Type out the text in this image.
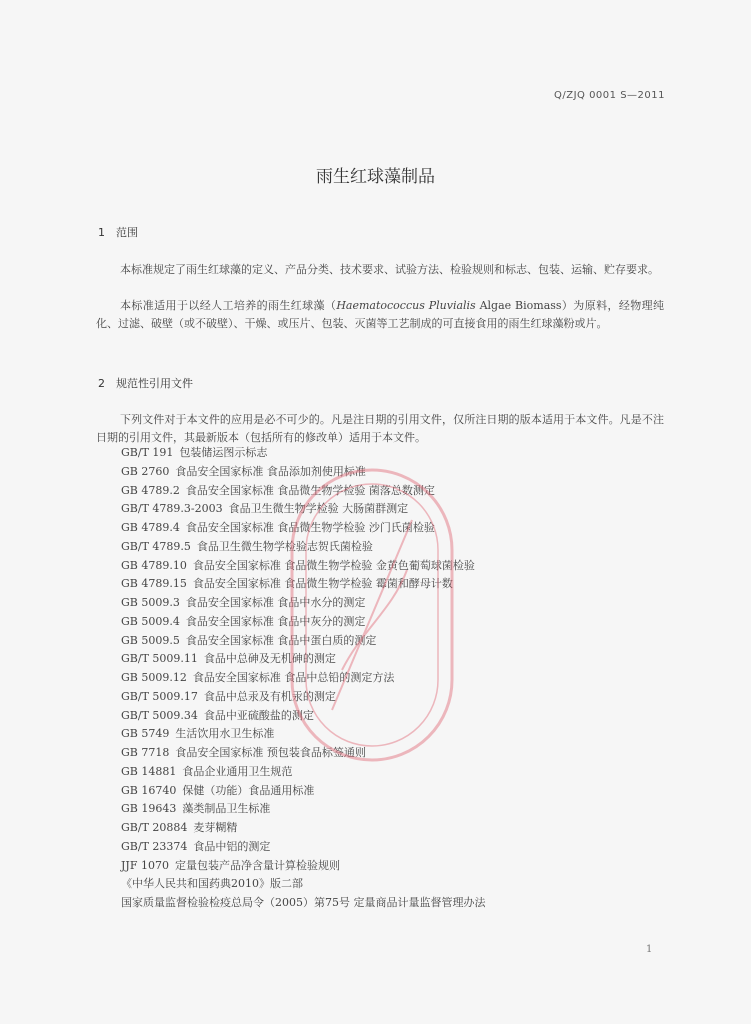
Q/ZJQ 0001 S—2011
雨生红球藻制品
1 范围

本标准规定了雨生红球藻的定义、产品分类、技术要求、试验方法、检验规则和标志、包装、运输、贮存要求。

本标准适用于以经人工培养的雨生红球藻（Haematococcus Pluvialis Algae Biomass）为原料，经物理纯化、过滤、破壁（或不破壁）、干燥、或压片、包装、灭菌等工艺制成的可直接食用的雨生红球藻粉或片。

2 规范性引用文件

下列文件对于本文件的应用是必不可少的。凡是注日期的引用文件，仅所注日期的版本适用于本文件。凡是不注日期的引用文件，其最新版本（包括所有的修改单）适用于本文件。

GB/T 191 包装储运图示标志
GB 2760 食品安全国家标准 食品添加剂使用标准
GB 4789.2 食品安全国家标准 食品微生物学检验 菌落总数测定
GB/T 4789.3-2003 食品卫生微生物学检验 大肠菌群测定
GB 4789.4 食品安全国家标准 食品微生物学检验 沙门氏菌检验
GB/T 4789.5 食品卫生微生物学检验志贺氏菌检验
GB 4789.10 食品安全国家标准 食品微生物学检验 金黄色葡萄球菌检验
GB 4789.15 食品安全国家标准 食品微生物学检验 霉菌和酵母计数
GB 5009.3 食品安全国家标准 食品中水分的测定
GB 5009.4 食品安全国家标准 食品中灰分的测定
GB 5009.5 食品安全国家标准 食品中蛋白质的测定
GB/T 5009.11 食品中总砷及无机砷的测定
GB 5009.12 食品安全国家标准 食品中总铅的测定方法
GB/T 5009.17 食品中总汞及有机汞的测定
GB/T 5009.34 食品中亚硫酸盐的测定
GB 5749 生活饮用水卫生标准
GB 7718 食品安全国家标准 预包装食品标签通则
GB 14881 食品企业通用卫生规范
GB 16740 保健（功能）食品通用标准
GB 19643 藻类制品卫生标准
GB/T 20884 麦芽糊精
GB/T 23374 食品中铝的测定
JJF 1070 定量包装产品净含量计算检验规则
《中华人民共和国药典2010》版二部
国家质量监督检验检疫总局令（2005）第75号 定量商品计量监督管理办法
1
